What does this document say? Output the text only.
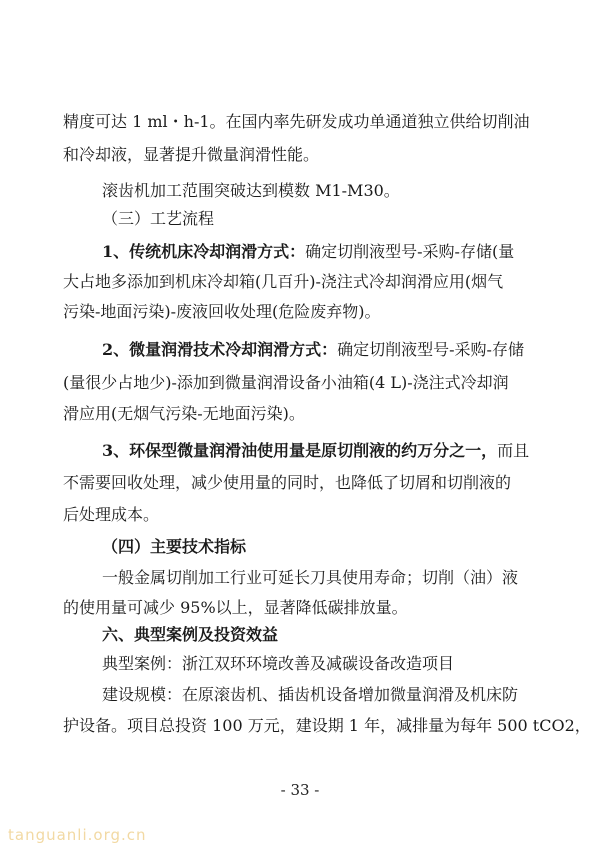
精度可达 1 ml・h-1。在国内率先研发成功单通道独立供给切削油
和冷却液，显著提升微量润滑性能。
滚齿机加工范围突破达到模数 M1-M30。
（三）工艺流程
1、传统机床冷却润滑方式：确定切削液型号-采购-存储(量
大占地多添加到机床冷却箱(几百升)-浇注式冷却润滑应用(烟气
污染-地面污染)-废液回收处理(危险废弃物)。
2、微量润滑技术冷却润滑方式：确定切削液型号-采购-存储
(量很少占地少)-添加到微量润滑设备小油箱(4 L)-浇注式冷却润
滑应用(无烟气污染-无地面污染)。
3、环保型微量润滑油使用量是原切削液的约万分之一，而且
不需要回收处理，减少使用量的同时，也降低了切屑和切削液的
后处理成本。
（四）主要技术指标
一般金属切削加工行业可延长刀具使用寿命；切削（油）液
的使用量可减少 95%以上，显著降低碳排放量。
六、典型案例及投资效益
典型案例：浙江双环环境改善及减碳设备改造项目
建设规模：在原滚齿机、插齿机设备增加微量润滑及机床防
护设备。项目总投资 100 万元，建设期 1 年，减排量为每年 500 tCO2，
- 33 -
tanguanli.org.cn
